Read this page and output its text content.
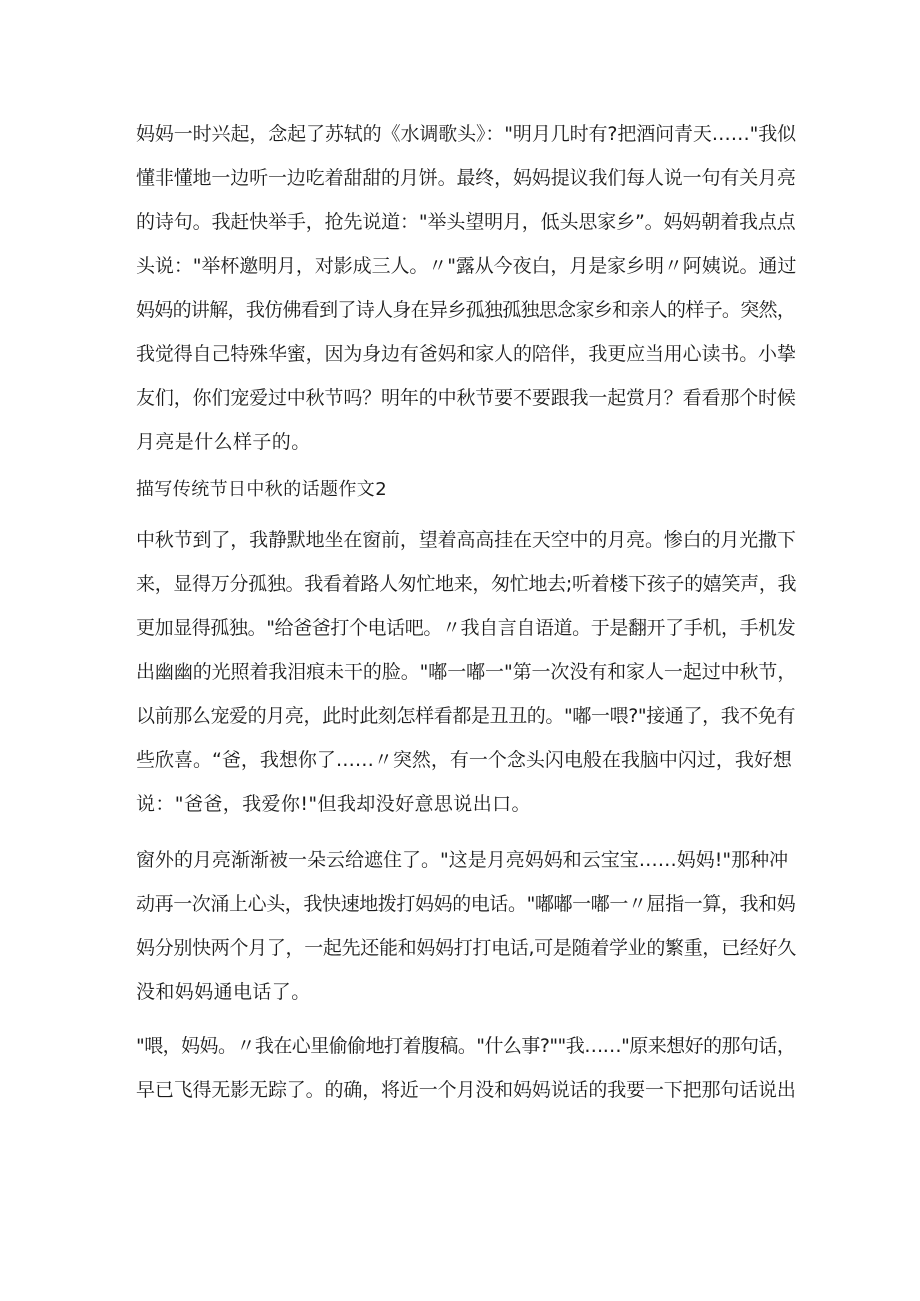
妈妈一时兴起，念起了苏轼的《水调歌头》："明月几时有?把酒问青天……"我似
懂非懂地一边听一边吃着甜甜的月饼。最终，妈妈提议我们每人说一句有关月亮
的诗句。我赶快举手，抢先说道："举头望明月，低头思家乡”。妈妈朝着我点点
头说："举杯邀明月，对影成三人。〃"露从今夜白，月是家乡明〃阿姨说。通过
妈妈的讲解，我仿佛看到了诗人身在异乡孤独孤独思念家乡和亲人的样子。突然，
我觉得自己特殊华蜜，因为身边有爸妈和家人的陪伴，我更应当用心读书。小挚
友们，你们宠爱过中秋节吗？明年的中秋节要不要跟我一起赏月？看看那个时候
月亮是什么样子的。
描写传统节日中秋的话题作文2
中秋节到了，我静默地坐在窗前，望着高高挂在天空中的月亮。惨白的月光撒下
来，显得万分孤独。我看着路人匆忙地来，匆忙地去;听着楼下孩子的嬉笑声，我
更加显得孤独。"给爸爸打个电话吧。〃我自言自语道。于是翻开了手机，手机发
出幽幽的光照着我泪痕未干的脸。"嘟一嘟一"第一次没有和家人一起过中秋节，
以前那么宠爱的月亮，此时此刻怎样看都是丑丑的。"嘟一喂?"接通了，我不免有
些欣喜。“爸，我想你了……〃突然，有一个念头闪电般在我脑中闪过，我好想
说："爸爸，我爱你!"但我却没好意思说出口。
窗外的月亮渐渐被一朵云给遮住了。"这是月亮妈妈和云宝宝……妈妈!"那种冲
动再一次涌上心头，我快速地拨打妈妈的电话。"嘟嘟一嘟一〃屈指一算，我和妈
妈分别快两个月了，一起先还能和妈妈打打电话,可是随着学业的繁重，已经好久
没和妈妈通电话了。
"喂，妈妈。〃我在心里偷偷地打着腹稿。"什么事?""我……"原来想好的那句话，
早已飞得无影无踪了。的确，将近一个月没和妈妈说话的我要一下把那句话说出
